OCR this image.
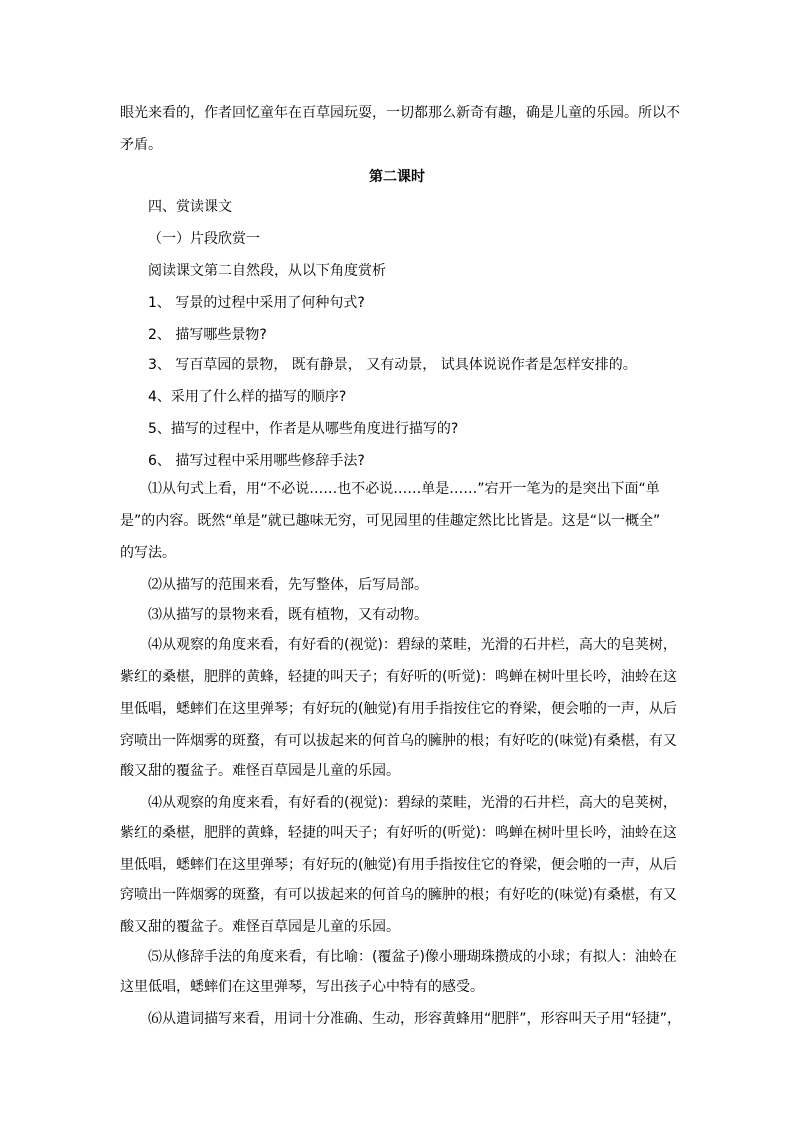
眼光来看的，作者回忆童年在百草园玩耍，一切都那么新奇有趣，确是儿童的乐园。所以不
矛盾。
第二课时
四、赏读课文
（一）片段欣赏一
阅读课文第二自然段，从以下角度赏析
1、 写景的过程中采用了何种句式?
2、 描写哪些景物?
3、 写百草园的景物， 既有静景， 又有动景， 试具体说说作者是怎样安排的。
4、采用了什么样的描写的顺序?
5、描写的过程中，作者是从哪些角度进行描写的?
6、 描写过程中采用哪些修辞手法?
⑴从句式上看，用“不必说……也不必说……单是……”宕开一笔为的是突出下面“单
是”的内容。既然“单是”就已趣味无穷，可见园里的佳趣定然比比皆是。这是“以一概全”
的写法。
⑵从描写的范围来看，先写整体，后写局部。
⑶从描写的景物来看，既有植物，又有动物。
⑷从观察的角度来看，有好看的(视觉)：碧绿的菜畦，光滑的石井栏，高大的皂荚树，
紫红的桑椹，肥胖的黄蜂，轻捷的叫天子；有好听的(听觉)：鸣蝉在树叶里长吟，油蛉在这
里低唱，蟋蟀们在这里弹琴；有好玩的(触觉)有用手指按住它的脊梁，便会啪的一声，从后
窍喷出一阵烟雾的斑蝥，有可以拔起来的何首乌的臃肿的根；有好吃的(味觉)有桑椹，有又
酸又甜的覆盆子。难怪百草园是儿童的乐园。
⑷从观察的角度来看，有好看的(视觉)：碧绿的菜畦，光滑的石井栏，高大的皂荚树，
紫红的桑椹，肥胖的黄蜂，轻捷的叫天子；有好听的(听觉)：鸣蝉在树叶里长吟，油蛉在这
里低唱，蟋蟀们在这里弹琴；有好玩的(触觉)有用手指按住它的脊梁，便会啪的一声，从后
窍喷出一阵烟雾的斑蝥，有可以拔起来的何首乌的臃肿的根；有好吃的(味觉)有桑椹，有又
酸又甜的覆盆子。难怪百草园是儿童的乐园。
⑸从修辞手法的角度来看，有比喻：(覆盆子)像小珊瑚珠攒成的小球；有拟人：油蛉在
这里低唱，蟋蟀们在这里弹琴，写出孩子心中特有的感受。
⑹从遣词描写来看，用词十分准确、生动，形容黄蜂用“肥胖”，形容叫天子用“轻捷”，
